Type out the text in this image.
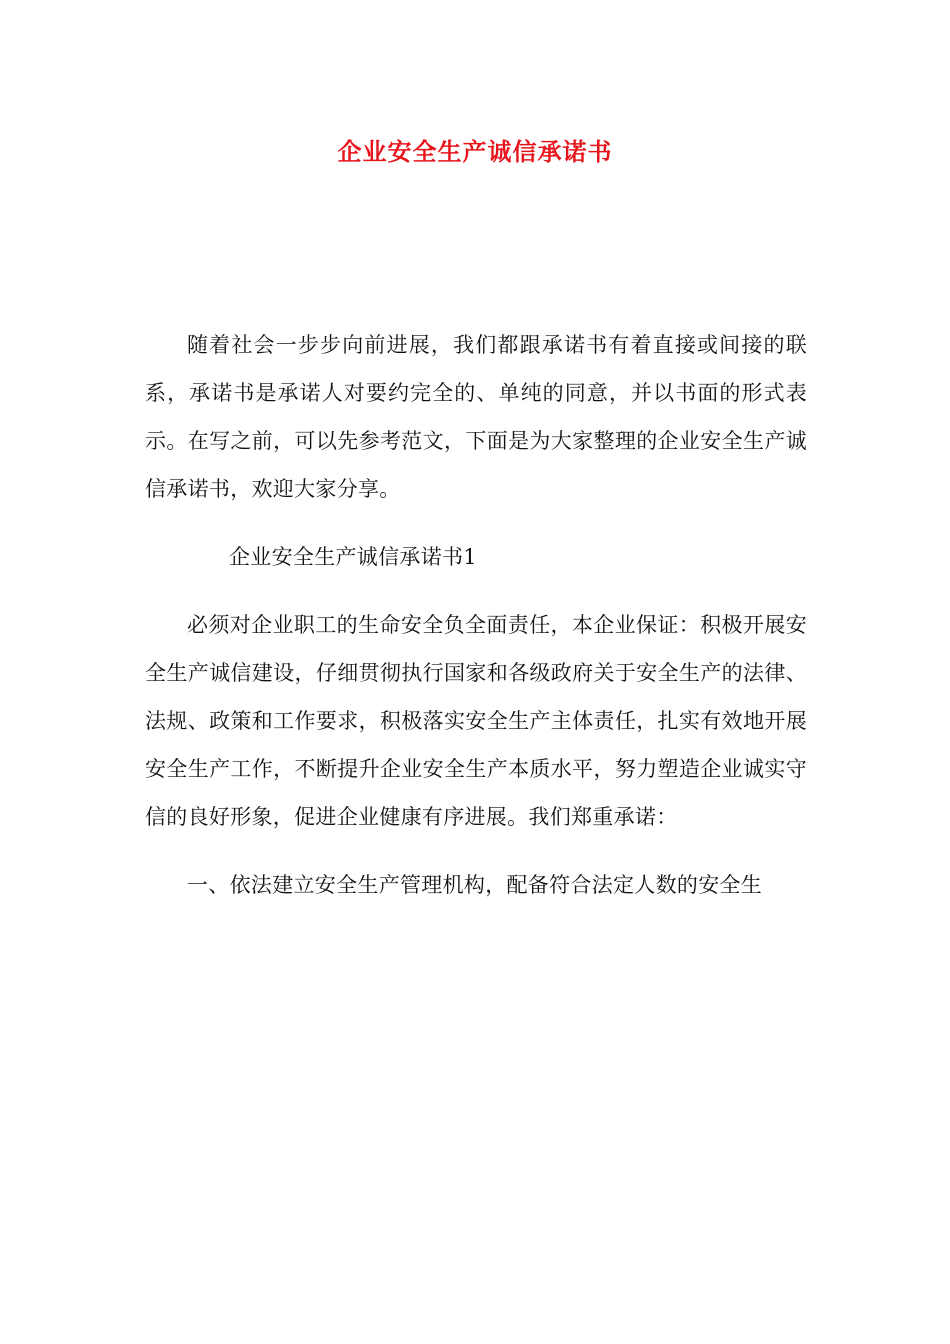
企业安全生产诚信承诺书

随着社会一步步向前进展，我们都跟承诺书有着直接或间接的联系，承诺书是承诺人对要约完全的、单纯的同意，并以书面的形式表示。在写之前，可以先参考范文，下面是为大家整理的企业安全生产诚信承诺书，欢迎大家分享。

企业安全生产诚信承诺书1

必须对企业职工的生命安全负全面责任，本企业保证：积极开展安全生产诚信建设，仔细贯彻执行国家和各级政府关于安全生产的法律、法规、政策和工作要求，积极落实安全生产主体责任，扎实有效地开展安全生产工作，不断提升企业安全生产本质水平，努力塑造企业诚实守信的良好形象，促进企业健康有序进展。我们郑重承诺：

一、依法建立安全生产管理机构，配备符合法定人数的安全生
